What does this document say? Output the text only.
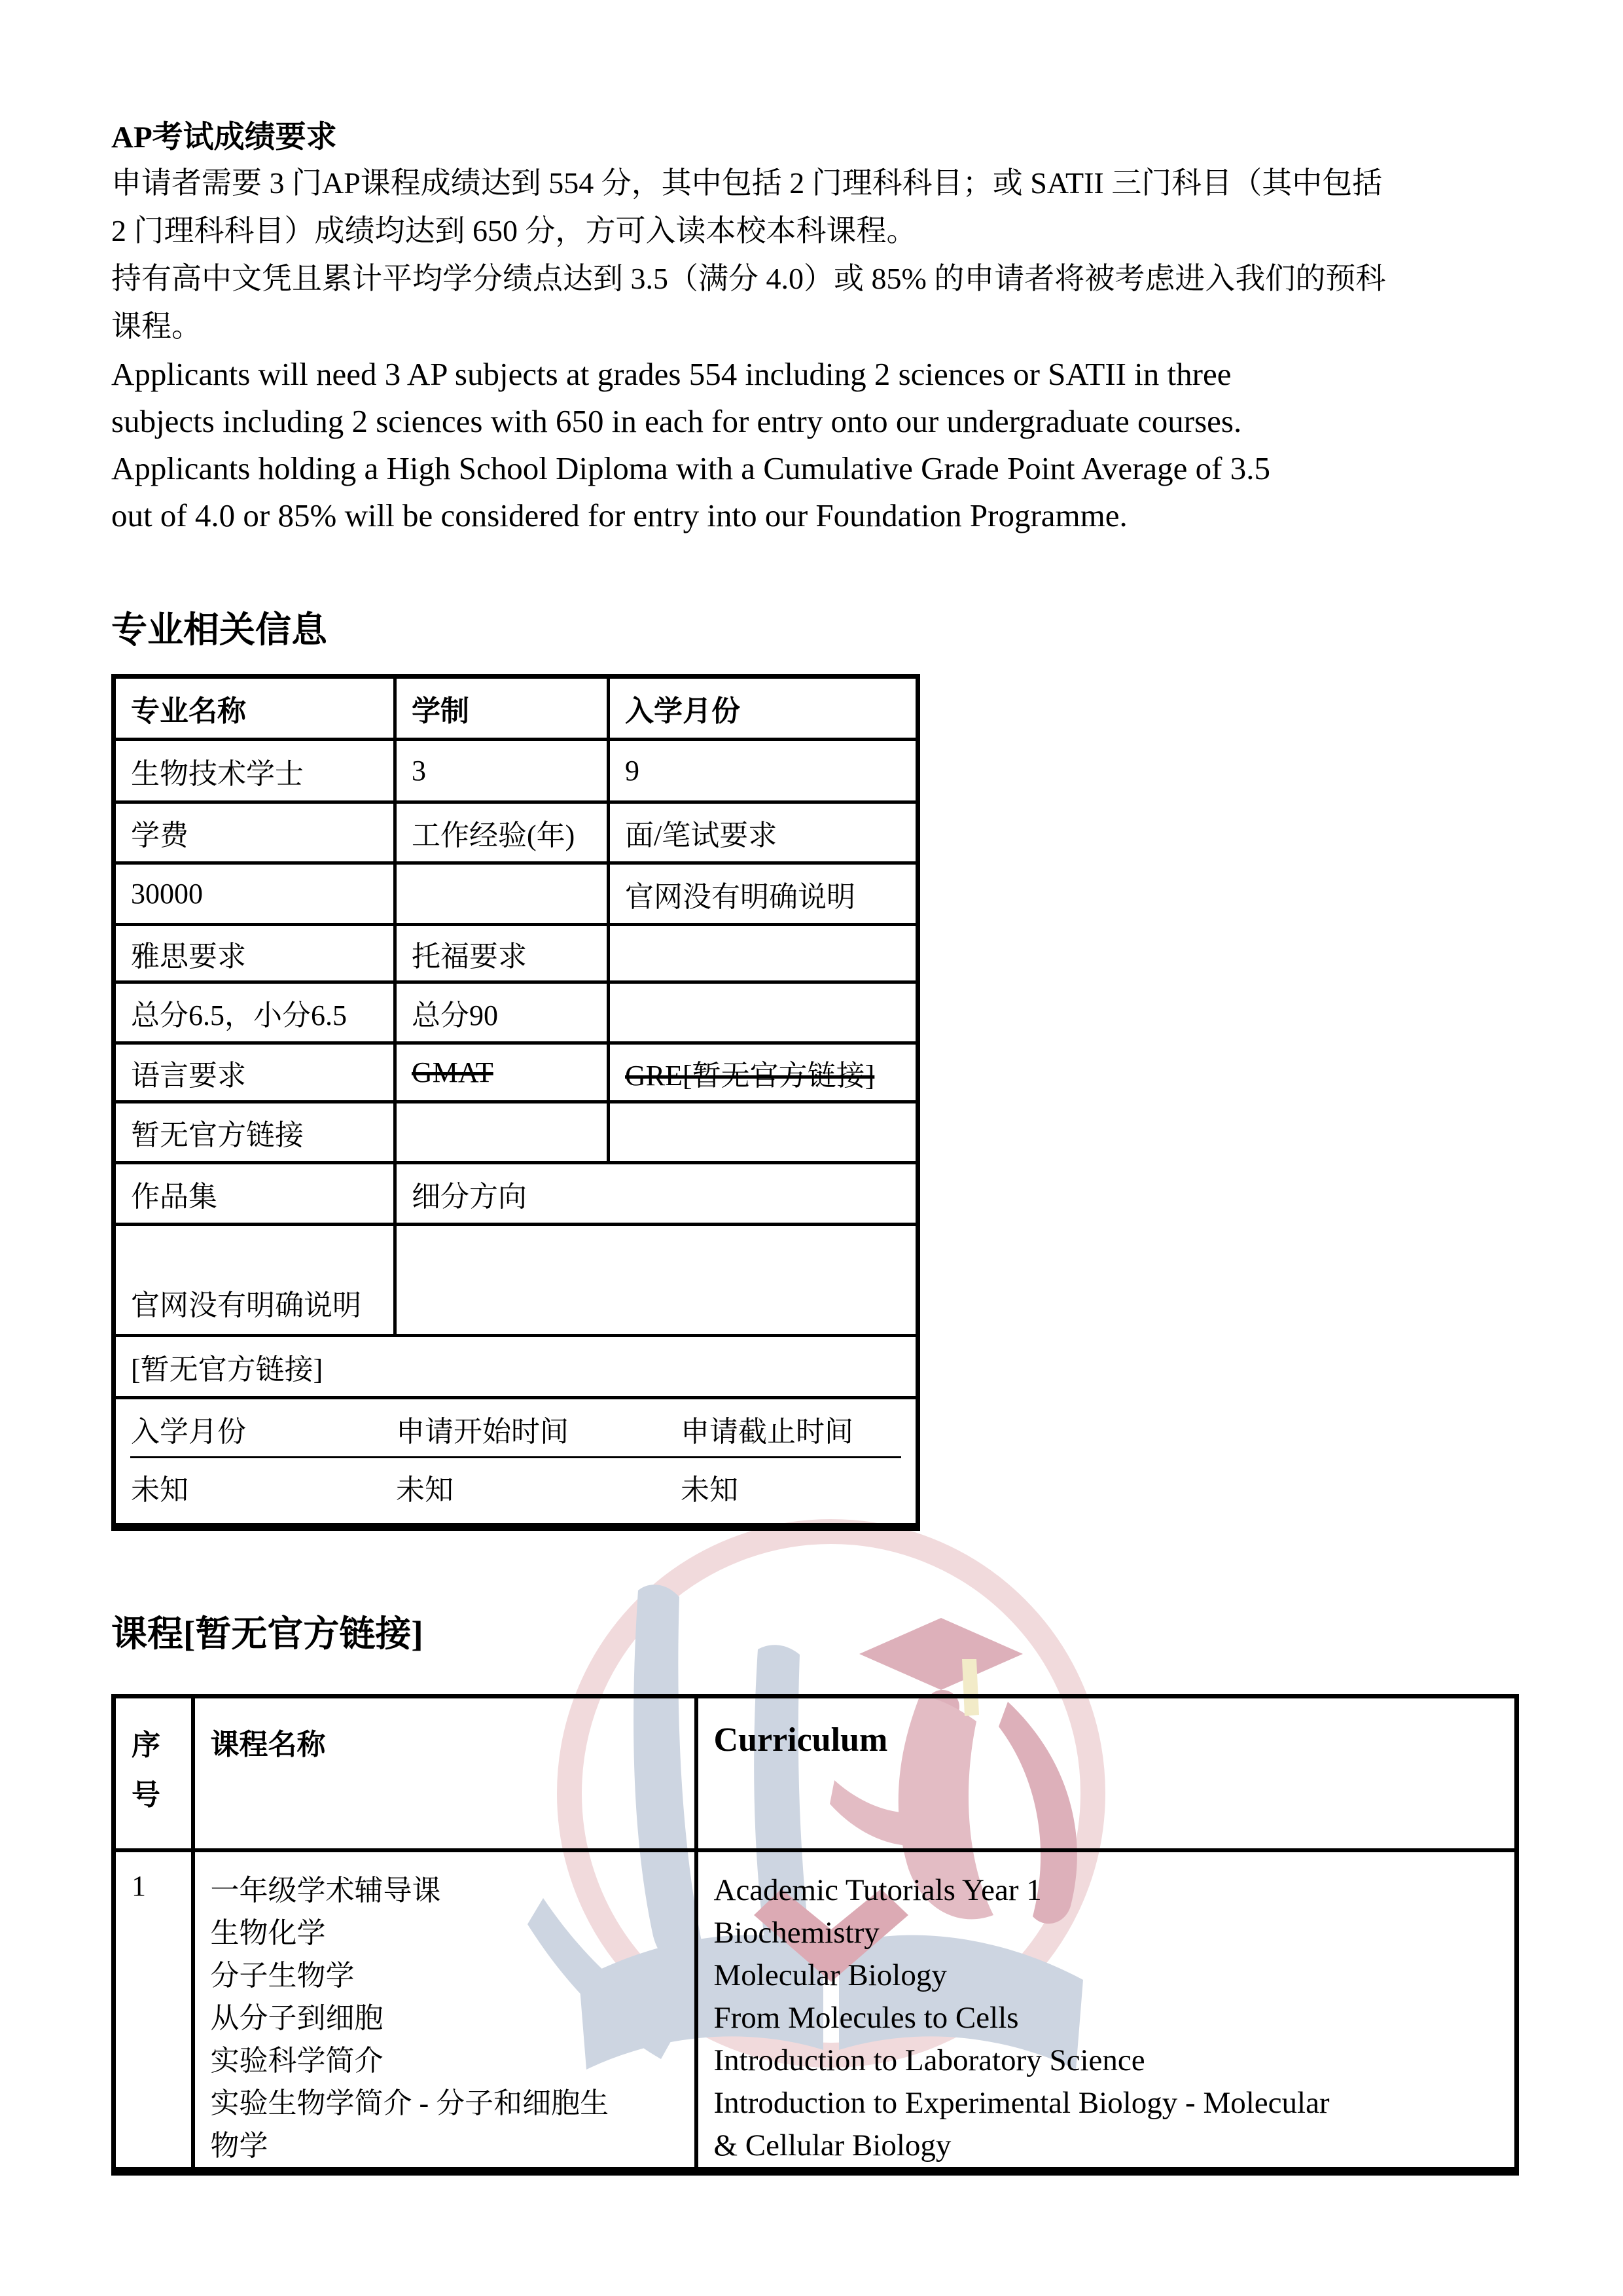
AP考试成绩要求
申请者需要 3 门AP课程成绩达到 554 分，其中包括 2 门理科科目；或 SATII 三门科目（其中包括
2 门理科科目）成绩均达到 650 分，方可入读本校本科课程。
持有高中文凭且累计平均学分绩点达到 3.5（满分 4.0）或 85% 的申请者将被考虑进入我们的预科
课程。
Applicants will need 3 AP subjects at grades 554 including 2 sciences or SATII in three
subjects including 2 sciences with 650 in each for entry onto our undergraduate courses.
Applicants holding a High School Diploma with a Cumulative Grade Point Average of 3.5
out of 4.0 or 85% will be considered for entry into our Foundation Programme.
专业相关信息
专业名称	学制	入学月份
生物技术学士	3	9
学费	工作经验(年)	面/笔试要求
30000		官网没有明确说明
雅思要求	托福要求	
总分6.5，小分6.5	总分90	
语言要求	GMAT	GRE[暂无官方链接]
暂无官方链接		
作品集	细分方向	
官网没有明确说明		
[暂无官方链接]		

入学月份 申请开始时间 申请截止时间		

未知 未知 未知		
课程[暂无官方链接]
序号	课程名称	Curriculum
1	一年级学术辅导课
生物化学
分子生物学
从分子到细胞
实验科学简介
实验生物学简介 - 分子和细胞生
物学

Academic Tutorials Year 1
Biochemistry
Molecular Biology
From Molecules to Cells
Introduction to Laboratory Science
Introduction to Experimental Biology - Molecular
& Cellular Biology
